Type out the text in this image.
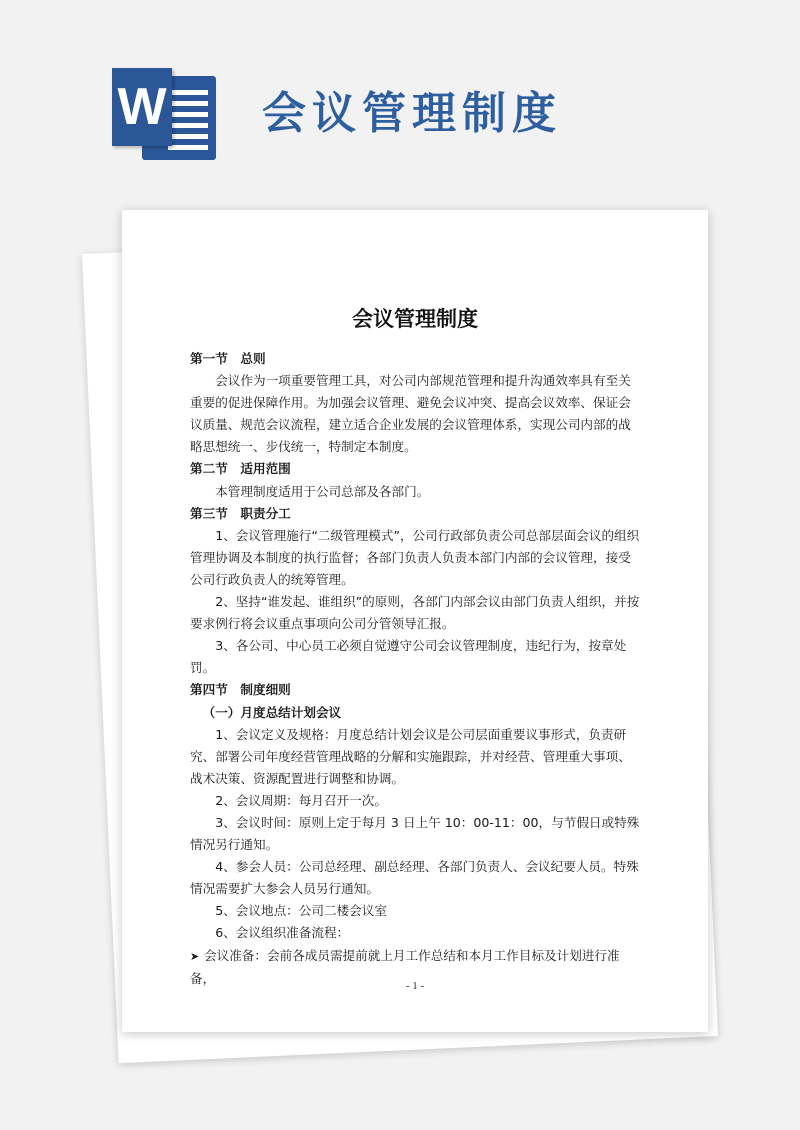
W 会议管理制度
会议管理制度

第一节　总则

会议作为一项重要管理工具，对公司内部规范管理和提升沟通效率具有至关重要的促进保障作用。为加强会议管理、避免会议冲突、提高会议效率、保证会议质量、规范会议流程，建立适合企业发展的会议管理体系，实现公司内部的战略思想统一、步伐统一，特制定本制度。

第二节　适用范围

本管理制度适用于公司总部及各部门。

第三节　职责分工

1、会议管理施行“二级管理模式”，公司行政部负责公司总部层面会议的组织管理协调及本制度的执行监督；各部门负责人负责本部门内部的会议管理，接受公司行政负责人的统筹管理。

2、坚持“谁发起、谁组织”的原则，各部门内部会议由部门负责人组织，并按要求例行将会议重点事项向公司分管领导汇报。

3、各公司、中心员工必须自觉遵守公司会议管理制度，违纪行为，按章处罚。

第四节　制度细则

（一）月度总结计划会议

1、会议定义及规格：月度总结计划会议是公司层面重要议事形式，负责研究、部署公司年度经营管理战略的分解和实施跟踪，并对经营、管理重大事项、战术决策、资源配置进行调整和协调。

2、会议周期：每月召开一次。

3、会议时间：原则上定于每月 3 日上午 10：00-11：00，与节假日或特殊情况另行通知。

4、参会人员：公司总经理、副总经理、各部门负责人、会议纪要人员。特殊情况需要扩大参会人员另行通知。

5、会议地点：公司二楼会议室

6、会议组织准备流程：

➤ 会议准备：会前各成员需提前就上月工作总结和本月工作目标及计划进行准备，

- 1 -
